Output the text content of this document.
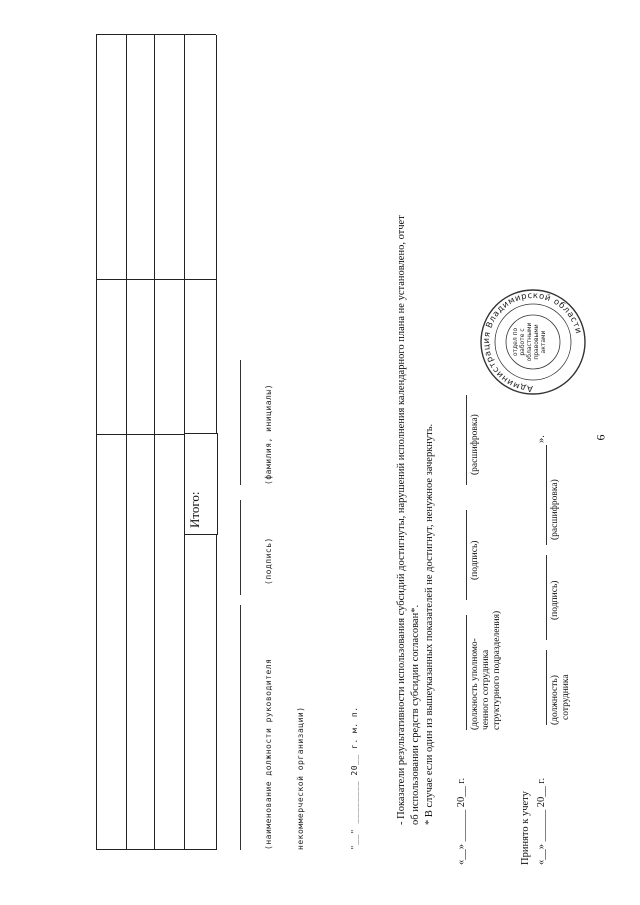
6
Итого:
(наименование должности руководителя
(подпись)
(фамилия, инициалы)
некоммерческой организации)	"__" ________ 20__ г. м. п.	- Показатели результативности использования субсидий достигнуты, нарушений исполнения календарного плана не установлено, отчет об использовании средств субсидии согласован*. * В случае если один из вышеуказанных показателей не достигнут, ненужное зачеркнуть. «__» ______ 20__ г.
(должность уполномо- ченного сотрудника структурного подразделения)
(подпись)
(расшифровка)
Принято к учету «__» ______ 20__ г.
(должность) сотрудника
(подпись)
(расшифровка)
».
Администрация Владимирской области
отдел по работе с областными правовыми актами
